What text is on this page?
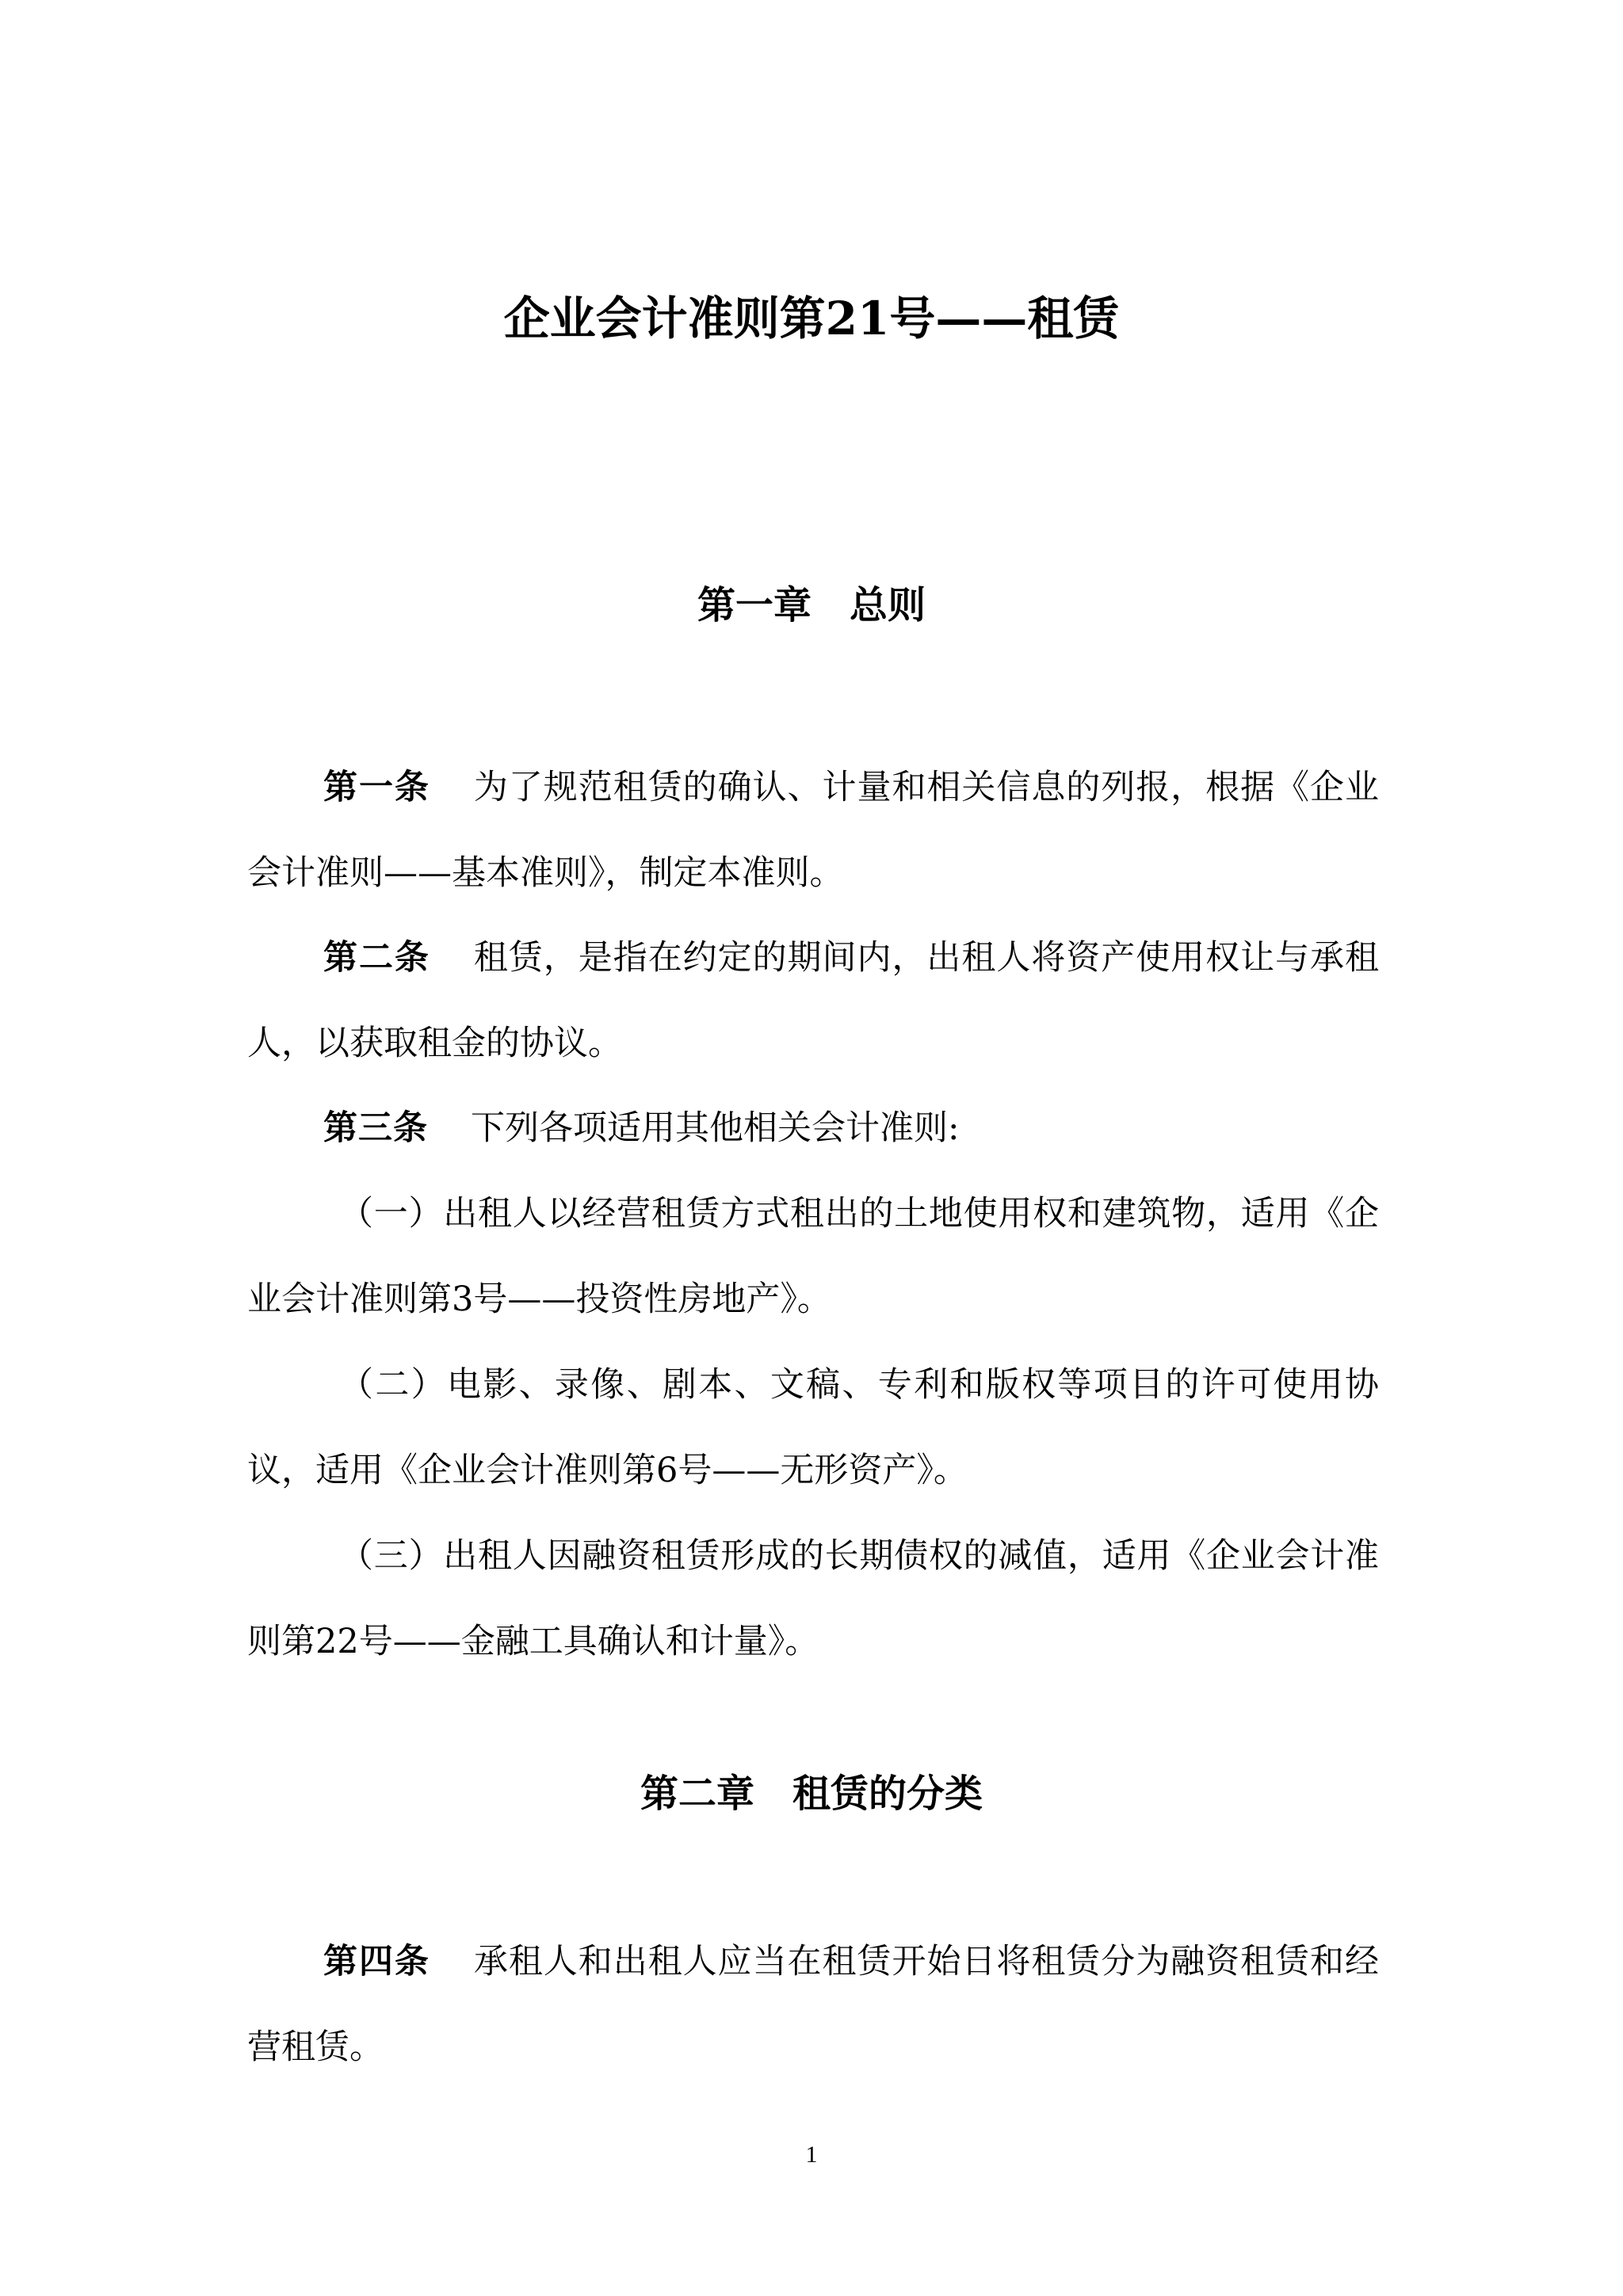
企业会计准则第21号——租赁
第一章　总则

第一条 为了规范租赁的确认、计量和相关信息的列报，根据《企业会计准则——基本准则》，制定本准则。

第二条 租赁，是指在约定的期间内，出租人将资产使用权让与承租人，以获取租金的协议。

第三条 下列各项适用其他相关会计准则:

（一）出租人以经营租赁方式租出的土地使用权和建筑物，适用《企业会计准则第3号——投资性房地产》。

（二）电影、录像、剧本、文稿、专利和版权等项目的许可使用协议，适用《企业会计准则第6号——无形资产》。

（三）出租人因融资租赁形成的长期债权的减值，适用《企业会计准则第22号——金融工具确认和计量》。

第二章　租赁的分类

第四条 承租人和出租人应当在租赁开始日将租赁分为融资租赁和经营租赁。

1
